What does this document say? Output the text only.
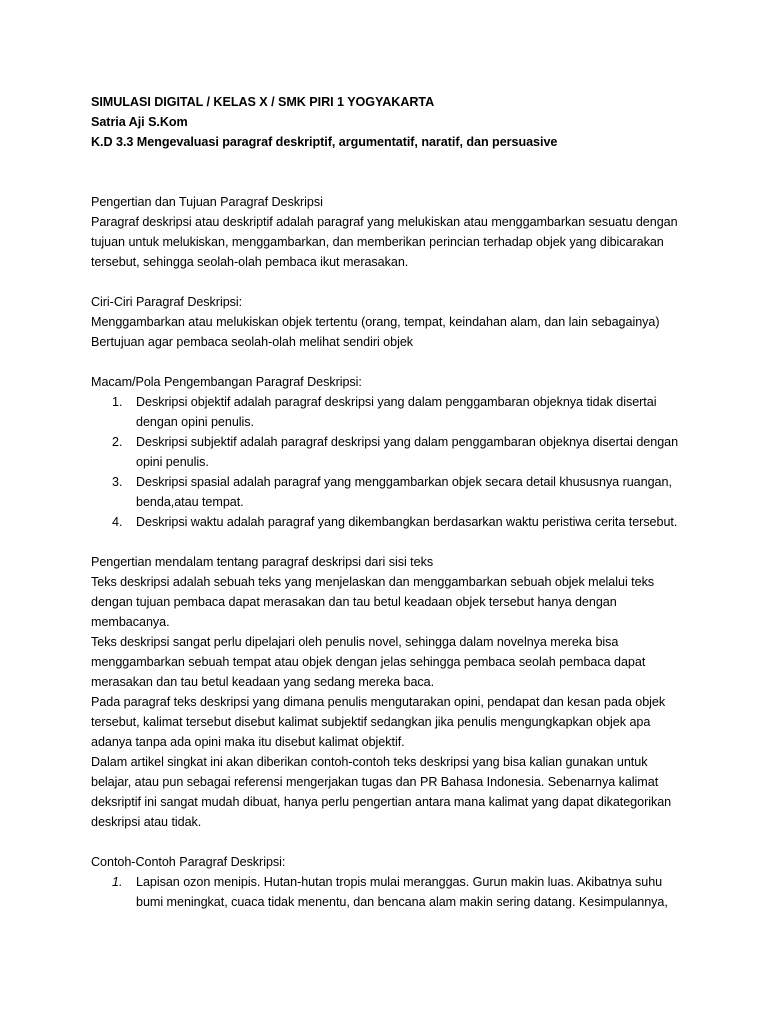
SIMULASI DIGITAL / KELAS X / SMK PIRI 1 YOGYAKARTA

Satria Aji S.Kom

K.D 3.3 Mengevaluasi paragraf deskriptif, argumentatif, naratif, dan persuasive

Pengertian dan Tujuan Paragraf Deskripsi

Paragraf deskripsi atau deskriptif adalah paragraf yang melukiskan atau menggambarkan sesuatu dengan tujuan untuk melukiskan, menggambarkan, dan memberikan perincian terhadap objek yang dibicarakan tersebut, sehingga seolah-olah pembaca ikut merasakan.

Ciri-Ciri Paragraf Deskripsi:

Menggambarkan atau melukiskan objek tertentu (orang, tempat, keindahan alam, dan lain sebagainya)

Bertujuan agar pembaca seolah-olah melihat sendiri objek

Macam/Pola Pengembangan Paragraf Deskripsi:

1. Deskripsi objektif adalah paragraf deskripsi yang dalam penggambaran objeknya tidak disertai dengan opini penulis.
2. Deskripsi subjektif adalah paragraf deskripsi yang dalam penggambaran objeknya disertai dengan opini penulis.
3. Deskripsi spasial adalah paragraf yang menggambarkan objek secara detail khususnya ruangan, benda,atau tempat.
4. Deskripsi waktu adalah paragraf yang dikembangkan berdasarkan waktu peristiwa cerita tersebut.

Pengertian mendalam tentang paragraf deskripsi dari sisi teks

Teks deskripsi adalah sebuah teks yang menjelaskan dan menggambarkan sebuah objek melalui teks dengan tujuan pembaca dapat merasakan dan tau betul keadaan objek tersebut hanya dengan membacanya.

Teks deskripsi sangat perlu dipelajari oleh penulis novel, sehingga dalam novelnya mereka bisa menggambarkan sebuah tempat atau objek dengan jelas sehingga pembaca seolah pembaca dapat merasakan dan tau betul keadaan yang sedang mereka baca.

Pada paragraf teks deskripsi yang dimana penulis mengutarakan opini, pendapat dan kesan pada objek tersebut, kalimat tersebut disebut kalimat subjektif sedangkan jika penulis mengungkapkan objek apa adanya tanpa ada opini maka itu disebut kalimat objektif.

Dalam artikel singkat ini akan diberikan contoh-contoh teks deskripsi yang bisa kalian gunakan untuk belajar, atau pun sebagai referensi mengerjakan tugas dan PR Bahasa Indonesia. Sebenarnya kalimat deksriptif ini sangat mudah dibuat, hanya perlu pengertian antara mana kalimat yang dapat dikategorikan deskripsi atau tidak.

Contoh-Contoh Paragraf Deskripsi:

1. Lapisan ozon menipis. Hutan-hutan tropis mulai meranggas. Gurun makin luas. Akibatnya suhu bumi meningkat, cuaca tidak menentu, dan bencana alam makin sering datang. Kesimpulannya,
